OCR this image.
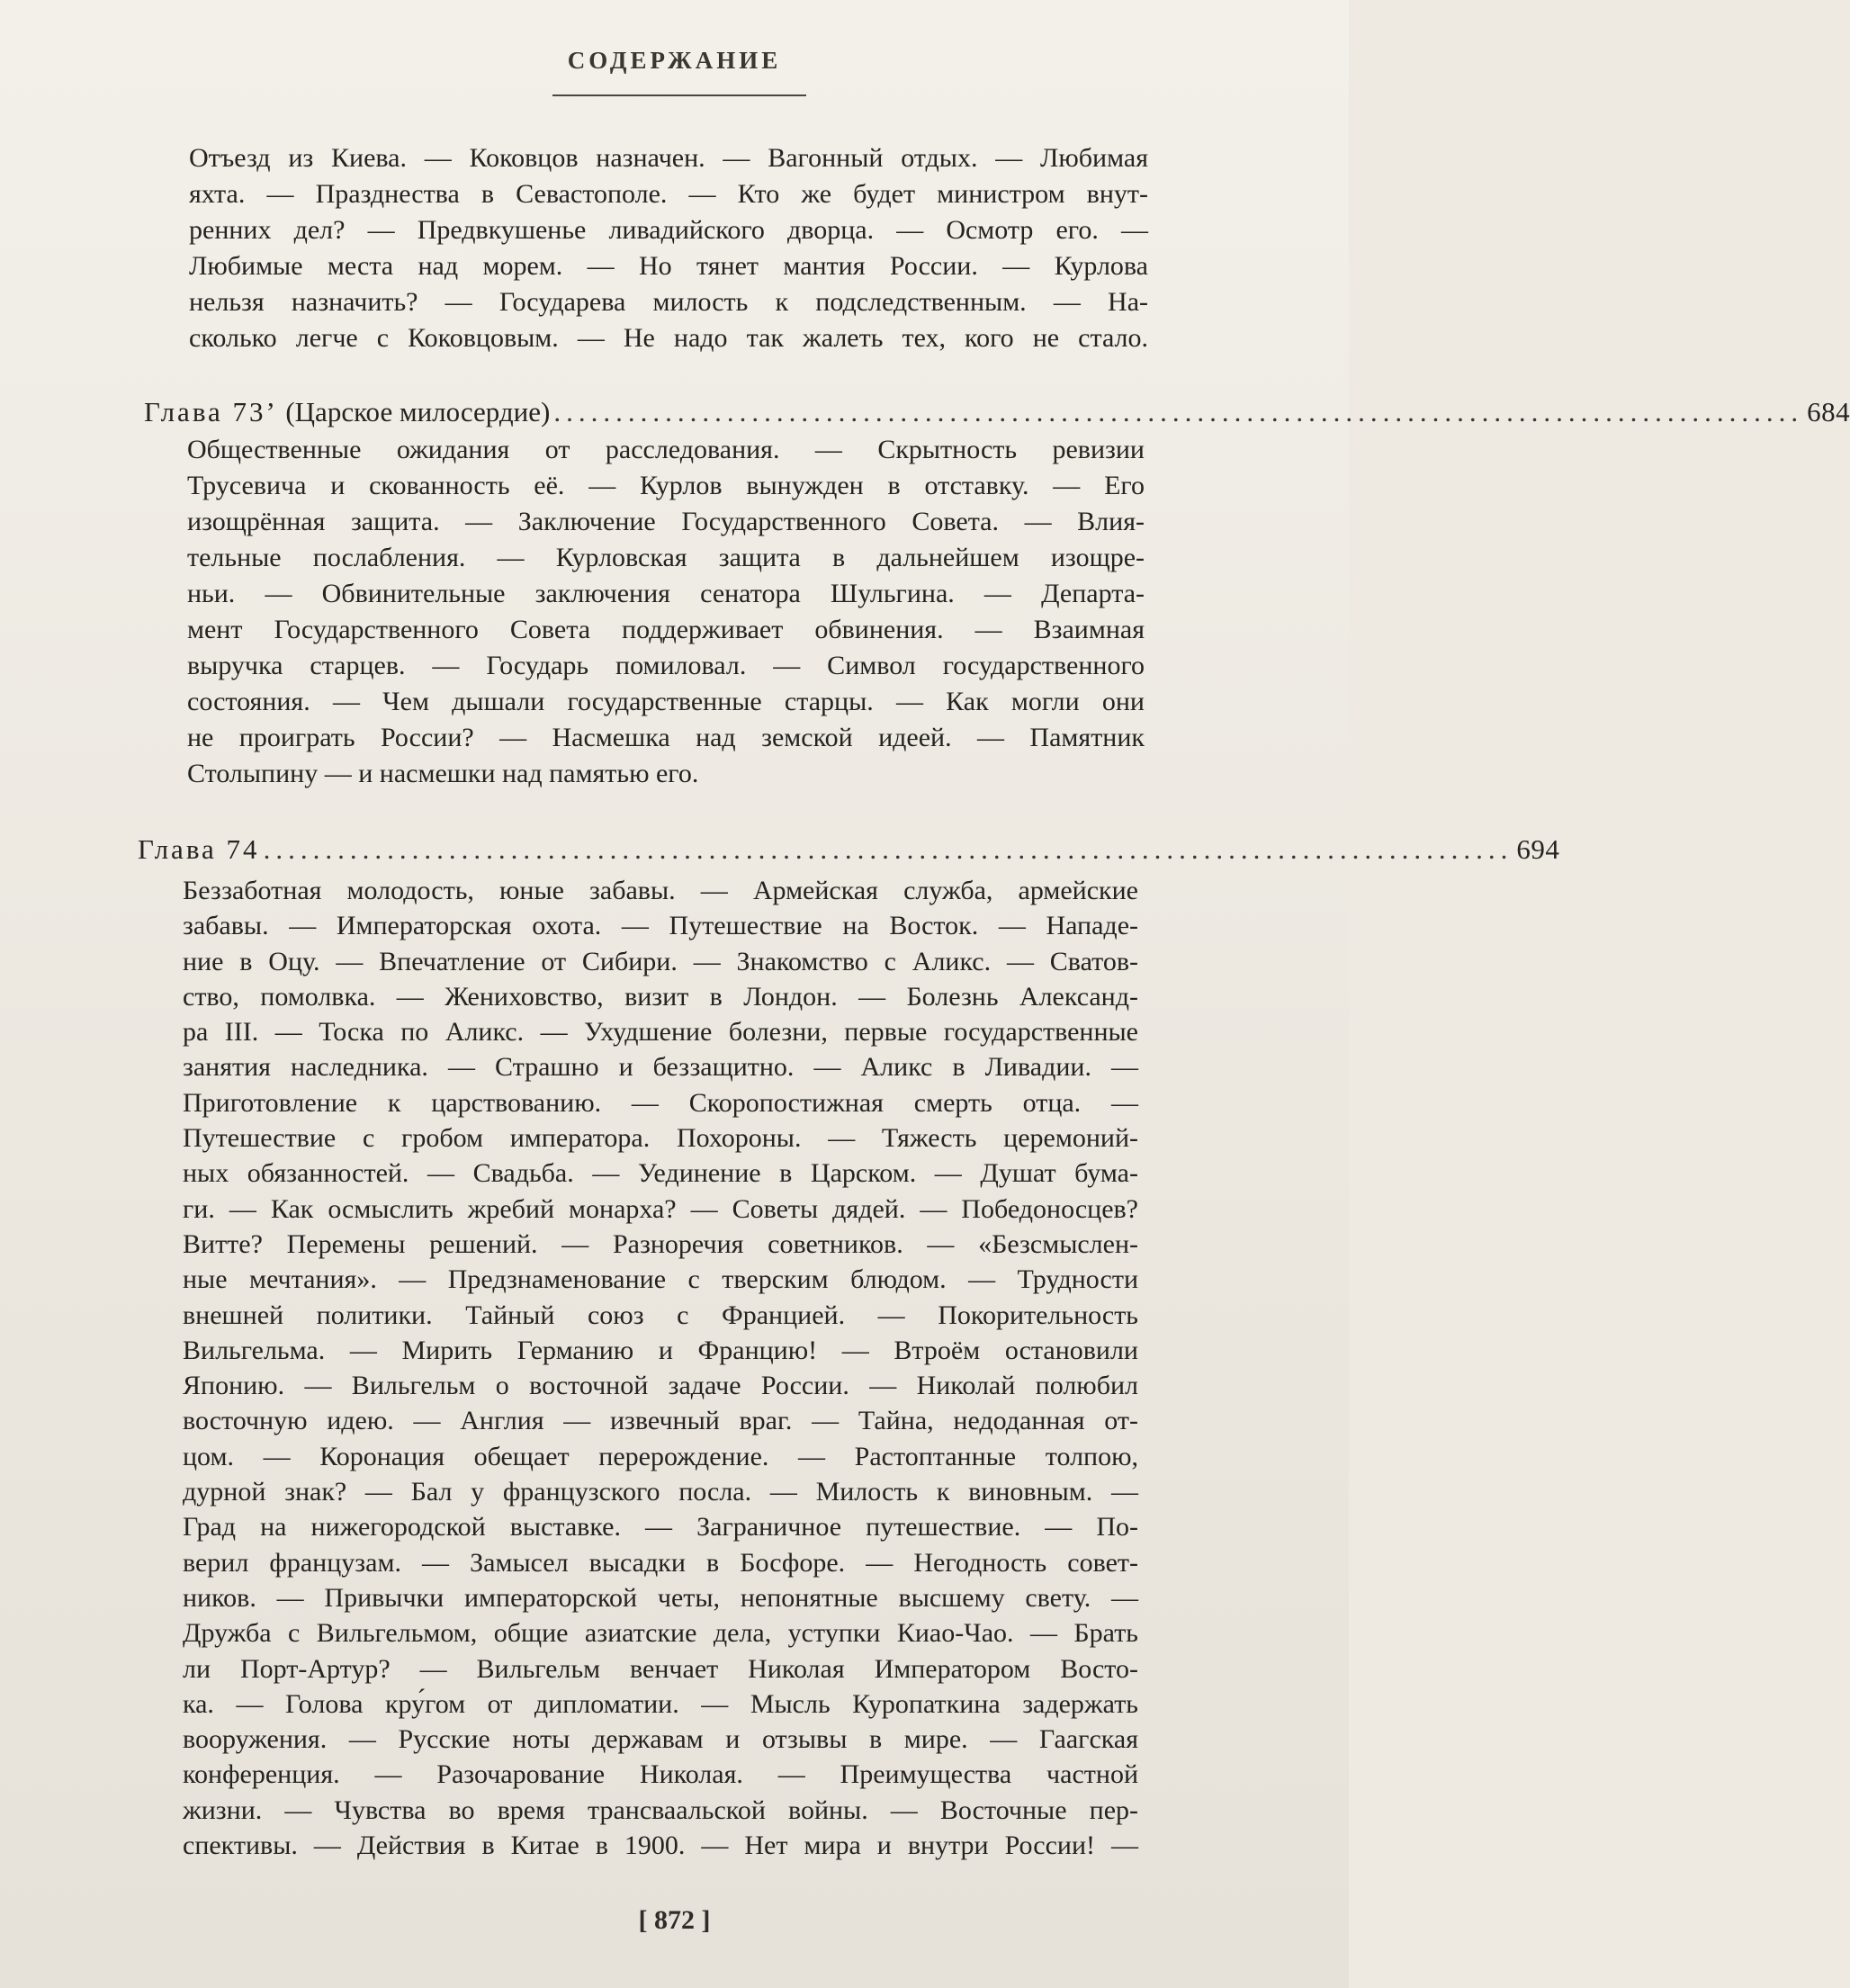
СОДЕРЖАНИЕ
Отъезд из Киева. — Коковцов назначен. — Вагонный отдых. — Любимая
яхта. — Празднества в Севастополе. — Кто же будет министром внут-
ренних дел? — Предвкушенье ливадийского дворца. — Осмотр его. —
Любимые места над морем. — Но тянет мантия России. — Курлова
нельзя назначить? — Государева милость к подследственным. — На-
сколько легче с Коковцовым. — Не надо так жалеть тех, кого не стало.
Глава 73’ (Царское милосердие) ..................................................................................................... 684
Общественные ожидания от расследования. — Скрытность ревизии
Трусевича и скованность её. — Курлов вынужден в отставку. — Его
изощрённая защита. — Заключение Государственного Совета. — Влия-
тельные послабления. — Курловская защита в дальнейшем изощре-
ньи. — Обвинительные заключения сенатора Шульгина. — Департа-
мент Государственного Совета поддерживает обвинения. — Взаимная
выручка старцев. — Государь помиловал. — Символ государственного
состояния. — Чем дышали государственные старцы. — Как могли они
не проиграть России? — Насмешка над земской идеей. — Памятник
Столыпину — и насмешки над памятью его.
Глава 74 ..................................................................................................... 694
Беззаботная молодость, юные забавы. — Армейская служба, армейские
забавы. — Императорская охота. — Путешествие на Восток. — Нападе-
ние в Оцу. — Впечатление от Сибири. — Знакомство с Аликс. — Сватов-
ство, помолвка. — Жениховство, визит в Лондон. — Болезнь Александ-
ра III. — Тоска по Аликс. — Ухудшение болезни, первые государственные
занятия наследника. — Страшно и беззащитно. — Аликс в Ливадии. —
Приготовление к царствованию. — Скоропостижная смерть отца. —
Путешествие с гробом императора. Похороны. — Тяжесть церемоний-
ных обязанностей. — Свадьба. — Уединение в Царском. — Душат бума-
ги. — Как осмыслить жребий монарха? — Советы дядей. — Победоносцев?
Витте? Перемены решений. — Разноречия советников. — «Безсмыслен-
ные мечтания». — Предзнаменование с тверским блюдом. — Трудности
внешней политики. Тайный союз с Францией. — Покорительность
Вильгельма. — Мирить Германию и Францию! — Втроём остановили
Японию. — Вильгельм о восточной задаче России. — Николай полюбил
восточную идею. — Англия — извечный враг. — Тайна, недоданная от-
цом. — Коронация обещает перерождение. — Растоптанные толпою,
дурной знак? — Бал у французского посла. — Милость к виновным. —
Град на нижегородской выставке. — Заграничное путешествие. — По-
верил французам. — Замысел высадки в Босфоре. — Негодность совет-
ников. — Привычки императорской четы, непонятные высшему свету. —
Дружба с Вильгельмом, общие азиатские дела, уступки Киао-Чао. — Брать
ли Порт-Артур? — Вильгельм венчает Николая Императором Восто-
ка. — Голова кру́гом от дипломатии. — Мысль Куропаткина задержать
вооружения. — Русские ноты державам и отзывы в мире. — Гаагская
конференция. — Разочарование Николая. — Преимущества частной
жизни. — Чувства во время трансваальской войны. — Восточные пер-
спективы. — Действия в Китае в 1900. — Нет мира и внутри России! —
[ 872 ]
